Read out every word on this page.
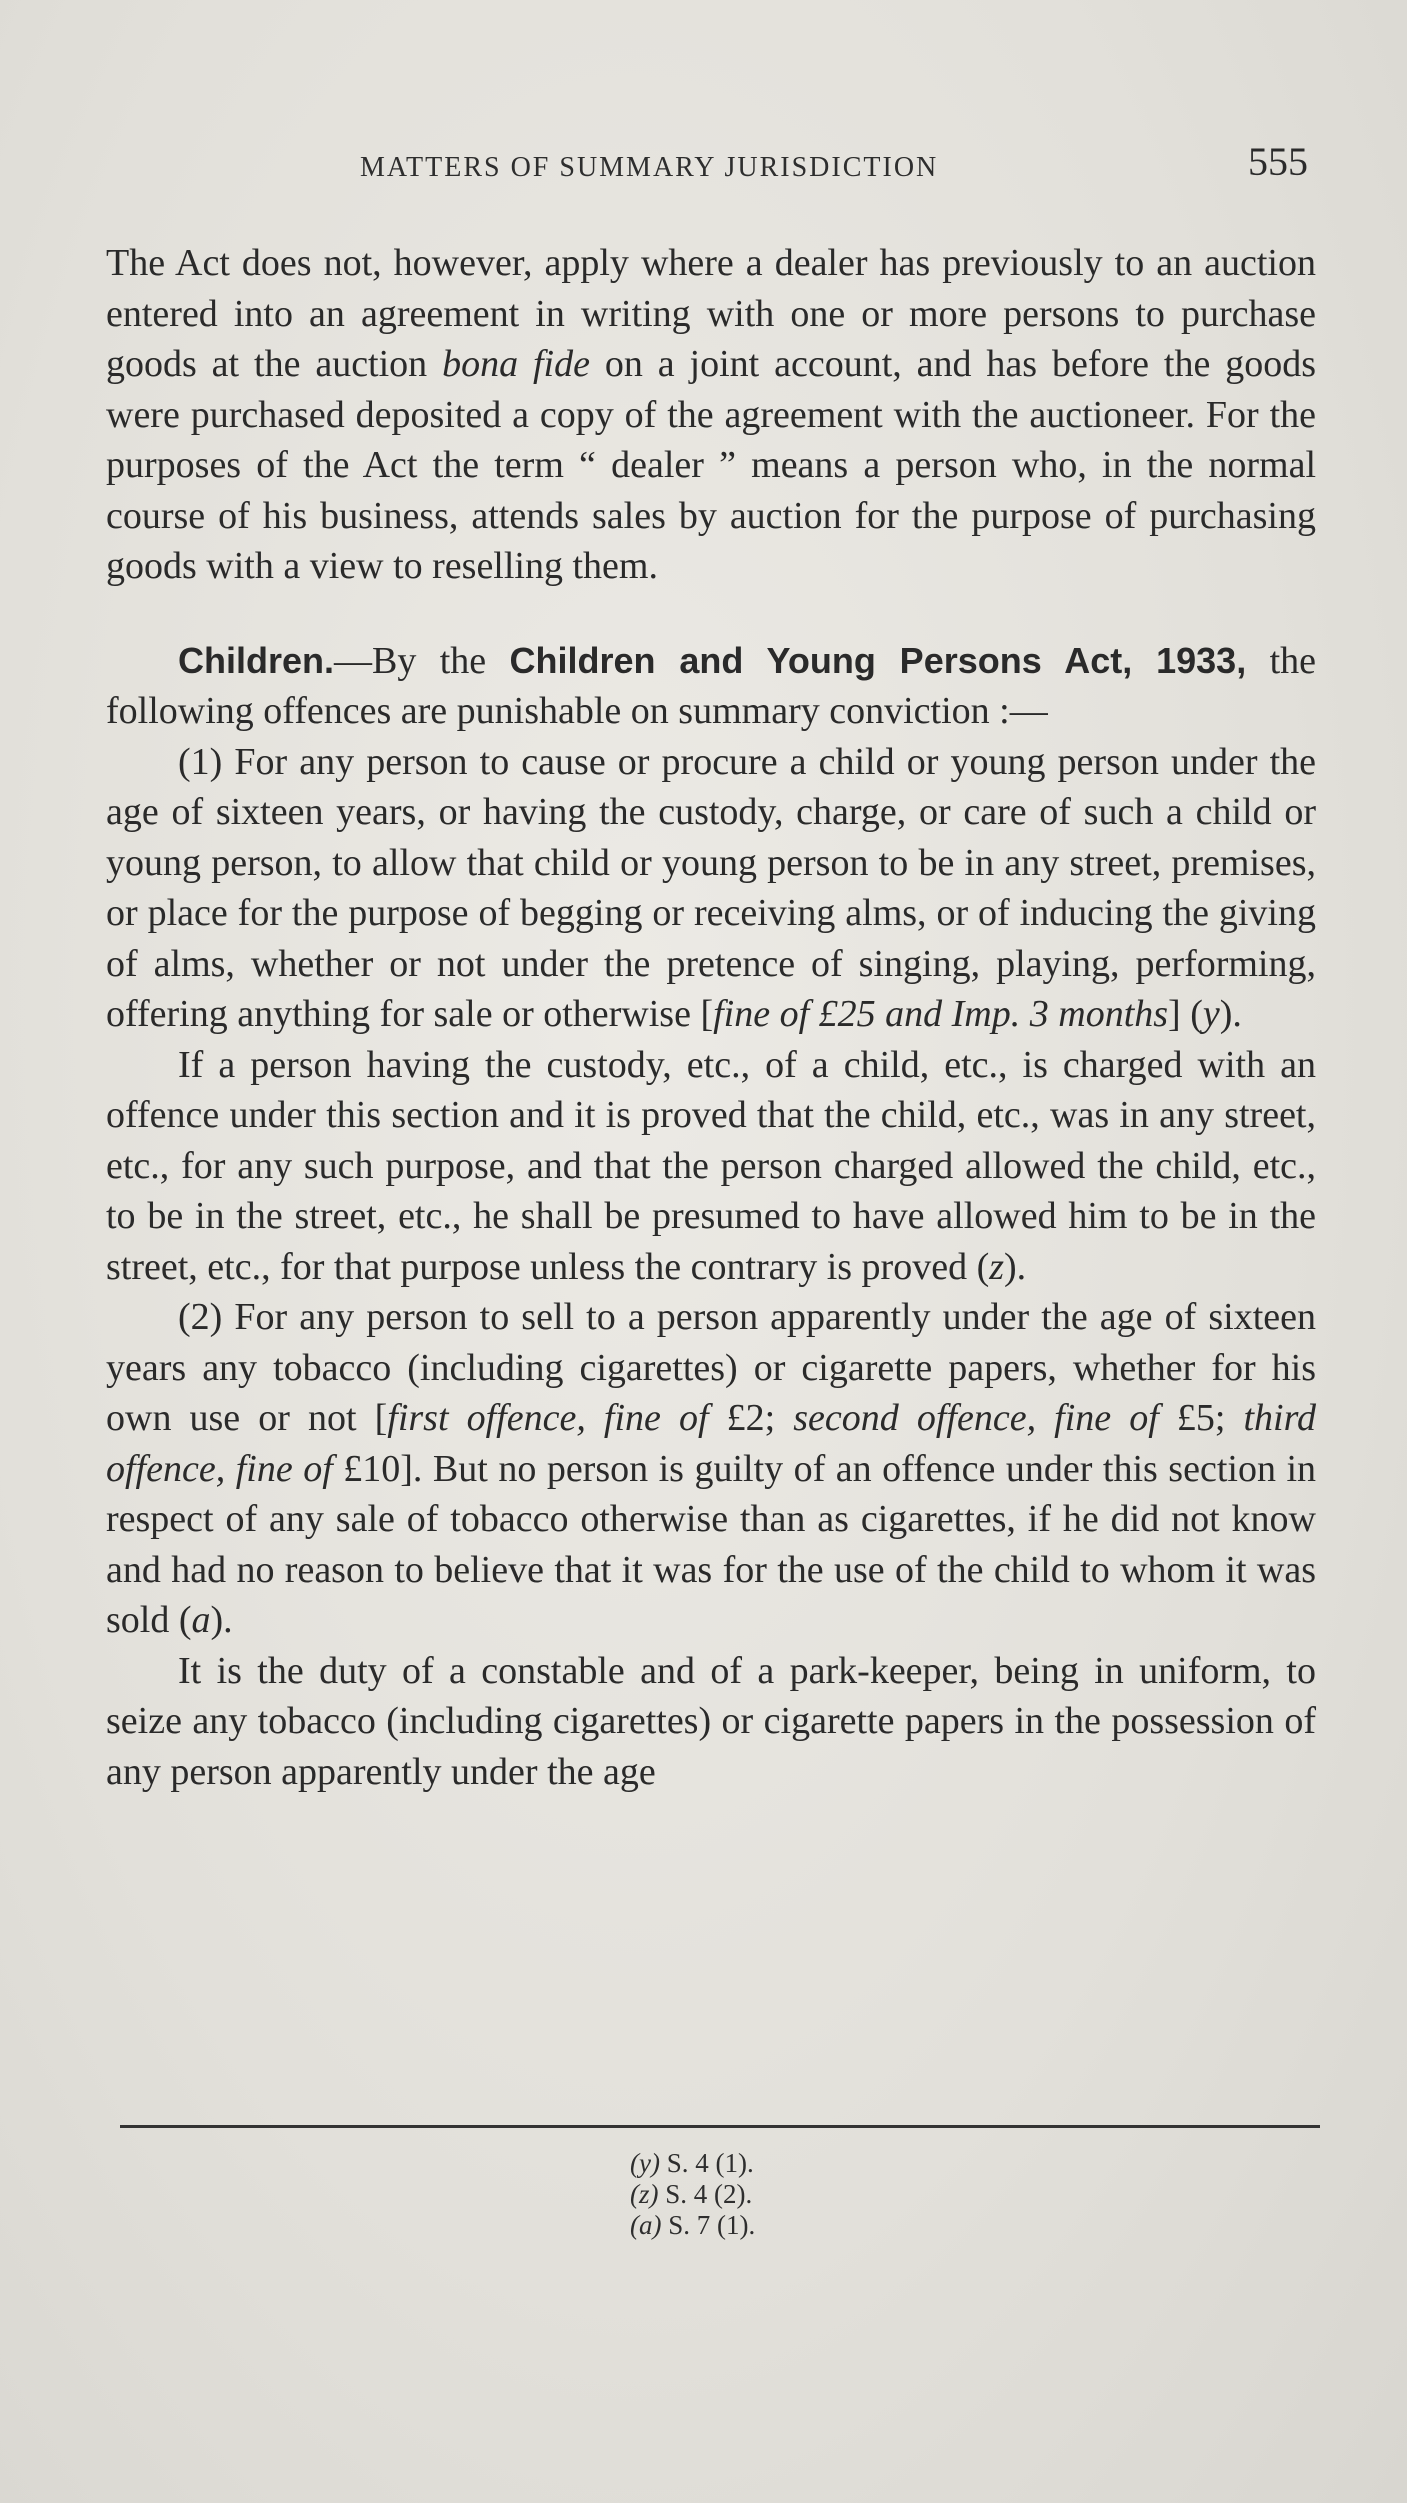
MATTERS OF SUMMARY JURISDICTION	555

The Act does not, however, apply where a dealer has previously to an auction entered into an agreement in writing with one or more persons to purchase goods at the auction bona fide on a joint account, and has before the goods were purchased deposited a copy of the agreement with the auctioneer. For the purposes of the Act the term “ dealer ” means a person who, in the normal course of his business, attends sales by auction for the purpose of purchasing goods with a view to reselling them.

Children.—By the Children and Young Persons Act, 1933, the following offences are punishable on summary conviction :—

(1) For any person to cause or procure a child or young person under the age of sixteen years, or having the custody, charge, or care of such a child or young person, to allow that child or young person to be in any street, premises, or place for the purpose of begging or receiving alms, or of inducing the giving of alms, whether or not under the pretence of singing, playing, performing, offering anything for sale or otherwise [fine of £25 and Imp. 3 months] (y).

If a person having the custody, etc., of a child, etc., is charged with an offence under this section and it is proved that the child, etc., was in any street, etc., for any such purpose, and that the person charged allowed the child, etc., to be in the street, etc., he shall be presumed to have allowed him to be in the street, etc., for that purpose unless the contrary is proved (z).

(2) For any person to sell to a person apparently under the age of sixteen years any tobacco (including cigarettes) or cigarette papers, whether for his own use or not [first offence, fine of £2; second offence, fine of £5; third offence, fine of £10]. But no person is guilty of an offence under this section in respect of any sale of tobacco otherwise than as cigarettes, if he did not know and had no reason to believe that it was for the use of the child to whom it was sold (a).

It is the duty of a constable and of a park-keeper, being in uniform, to seize any tobacco (including cigarettes) or cigarette papers in the possession of any person apparently under the age

(y) S. 4 (1).
(z) S. 4 (2).
(a) S. 7 (1).
